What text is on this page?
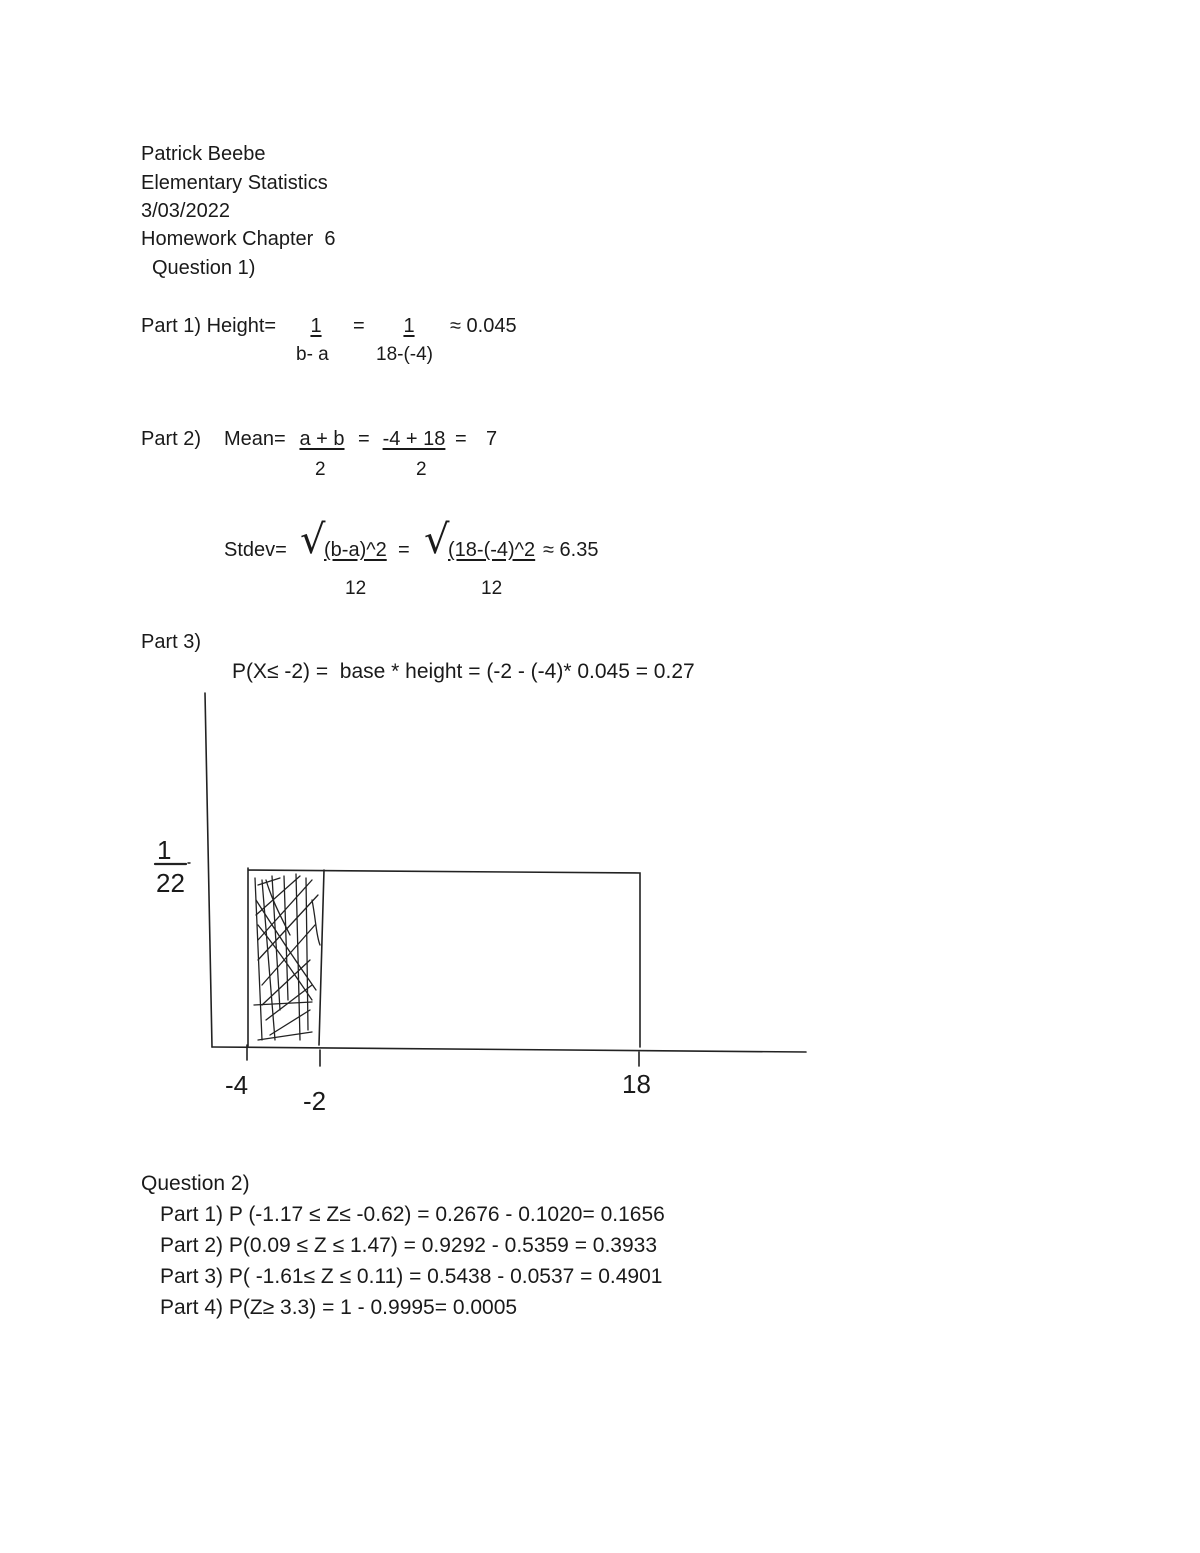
Patrick Beebe
Elementary Statistics
3/03/2022
Homework Chapter  6
Question 1)
Part 1) Height=	1	=	1	≈ 0.045
b- a 18-(-4)
Part 2) Mean= a + b = -4 + 18 = 7
2	2
Stdev= √
(b-a)^2 = √
(18-(-4)^2 ≈ 6.35
12	12
Part 3)
P(X≤ -2) =  base * height = (-2 - (-4)* 0.045 = 0.27
1
22
-4
-2
18
Question 2)
Part 1) P (-1.17 ≤ Z≤ -0.62) = 0.2676 - 0.1020= 0.1656
Part 2) P(0.09 ≤ Z ≤ 1.47) = 0.9292 - 0.5359 = 0.3933
Part 3) P( -1.61≤ Z ≤ 0.11) = 0.5438 - 0.0537 = 0.4901
Part 4) P(Z≥ 3.3) = 1 - 0.9995= 0.0005
